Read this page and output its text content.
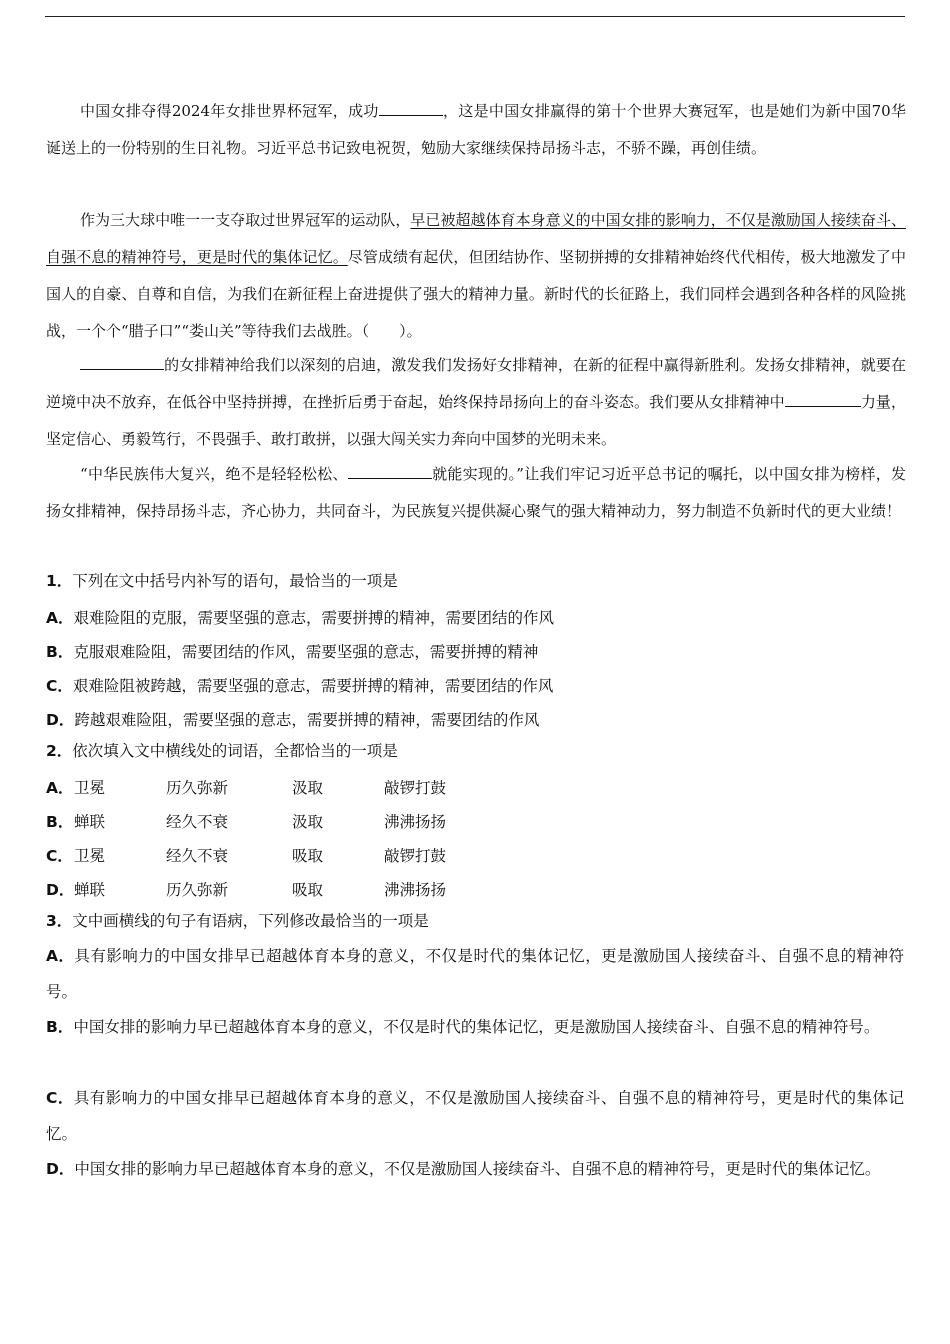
中国女排夺得2024年女排世界杯冠军，成功	，这是中国女排赢得的第十个世界大赛冠军，也是她们为新中国70华诞送上的一份特别的生日礼物。习近平总书记致电祝贺，勉励大家继续保持昂扬斗志，不骄不躁，再创佳绩。

作为三大球中唯一一支夺取过世界冠军的运动队，早已被超越体育本身意义的中国女排的影响力，不仅是激励国人接续奋斗、自强不息的精神符号，更是时代的集体记忆。尽管成绩有起伏，但团结协作、坚韧拼搏的女排精神始终代代相传，极大地激发了中国人的自豪、自尊和自信，为我们在新征程上奋进提供了强大的精神力量。新时代的长征路上，我们同样会遇到各种各样的风险挑战，一个个“腊子口”“娄山关”等待我们去战胜。（　　）。

的女排精神给我们以深刻的启迪，激发我们发扬好女排精神，在新的征程中赢得新胜利。发扬女排精神，就要在逆境中决不放弃，在低谷中坚持拼搏，在挫折后勇于奋起，始终保持昂扬向上的奋斗姿态。我们要从女排精神中	力量，坚定信心、勇毅笃行，不畏强手、敢打敢拼，以强大闯关实力奔向中国梦的光明未来。

“中华民族伟大复兴，绝不是轻轻松松、	就能实现的。”让我们牢记习近平总书记的嘱托，以中国女排为榜样，发扬女排精神，保持昂扬斗志，齐心协力，共同奋斗，为民族复兴提供凝心聚气的强大精神动力，努力制造不负新时代的更大业绩！

1．下列在文中括号内补写的语句，最恰当的一项是

A．艰难险阻的克服，需要坚强的意志，需要拼搏的精神，需要团结的作风

B．克服艰难险阻，需要团结的作风，需要坚强的意志，需要拼搏的精神

C．艰难险阻被跨越，需要坚强的意志，需要拼搏的精神，需要团结的作风

D．跨越艰难险阻，需要坚强的意志，需要拼搏的精神，需要团结的作风

2．依次填入文中横线处的词语，全都恰当的一项是

A． 卫冕	历久弥新	汲取	敲锣打鼓
B． 蝉联	经久不衰	汲取	沸沸扬扬
C． 卫冕	经久不衰	吸取	敲锣打鼓
D． 蝉联	历久弥新	吸取	沸沸扬扬

3．文中画横线的句子有语病，下列修改最恰当的一项是

A．具有影响力的中国女排早已超越体育本身的意义，不仅是时代的集体记忆，更是激励国人接续奋斗、自强不息的精神符号。

B．中国女排的影响力早已超越体育本身的意义，不仅是时代的集体记忆，更是激励国人接续奋斗、自强不息的精神符号。

C．具有影响力的中国女排早已超越体育本身的意义，不仅是激励国人接续奋斗、自强不息的精神符号，更是时代的集体记忆。

D．中国女排的影响力早已超越体育本身的意义，不仅是激励国人接续奋斗、自强不息的精神符号，更是时代的集体记忆。
